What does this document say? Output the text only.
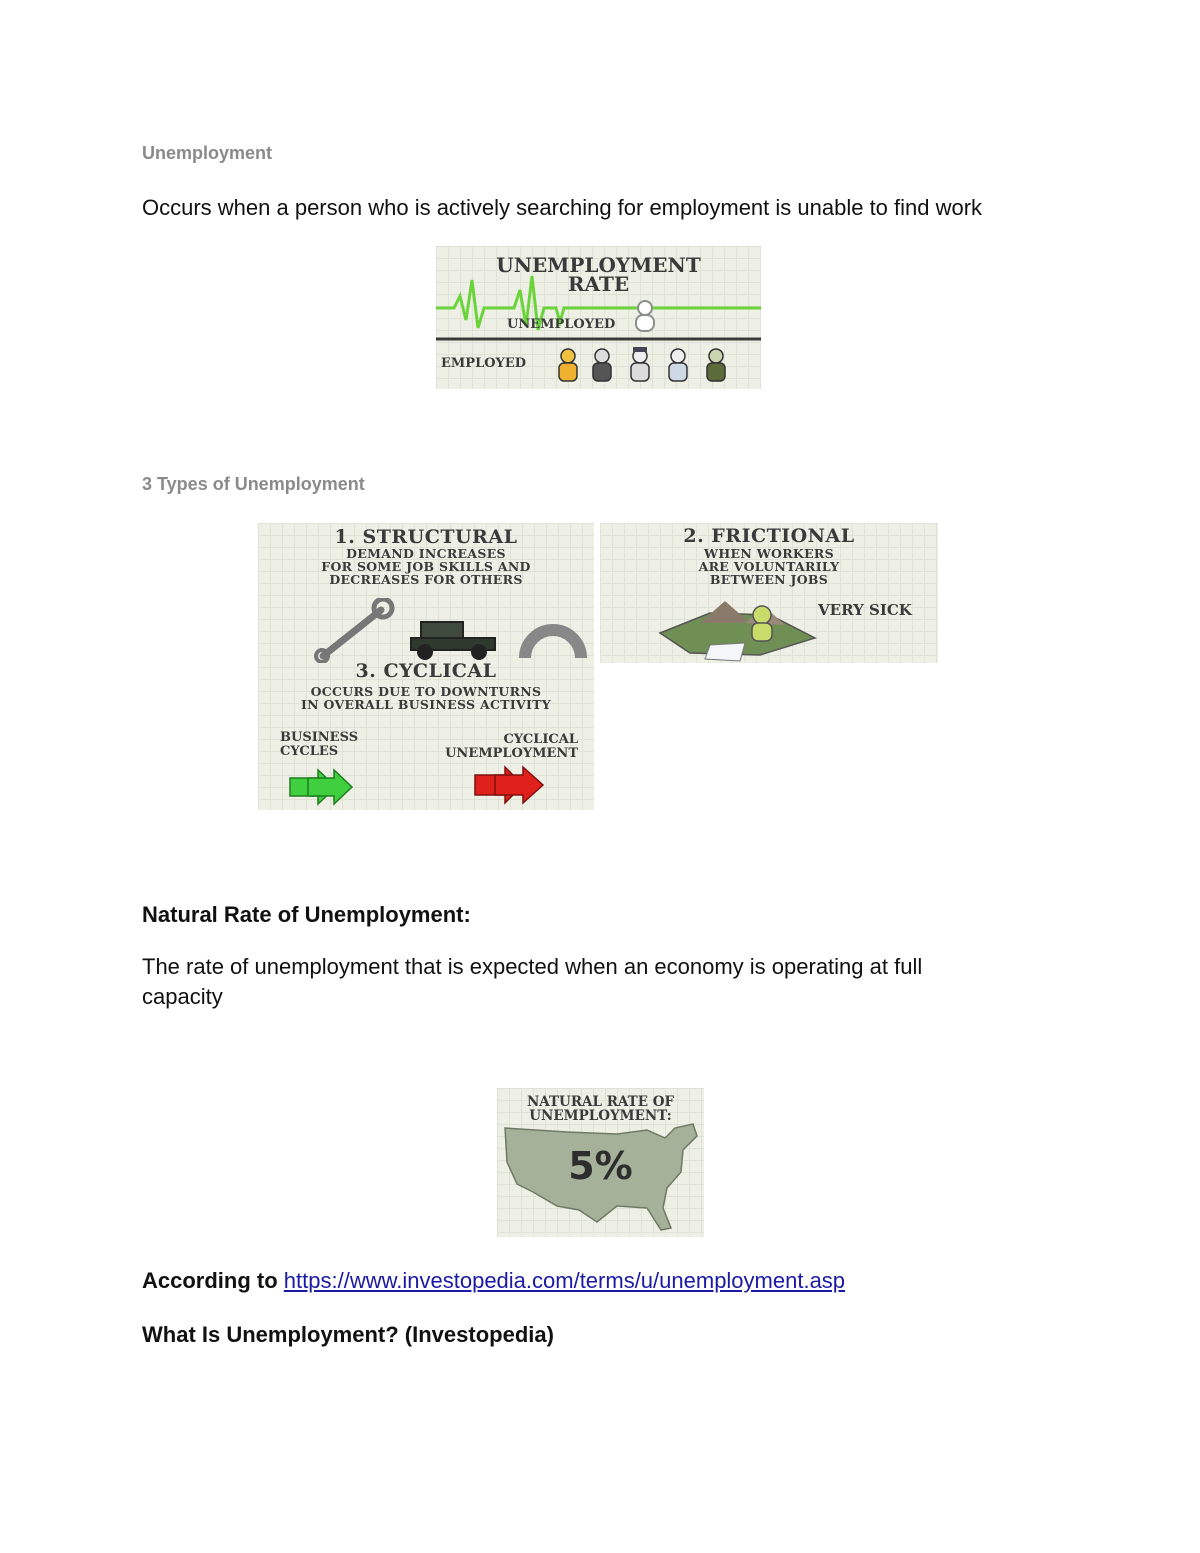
Unemployment
Occurs when a person who is actively searching for employment is unable to find work
UNEMPLOYMENT
RATE
UNEMPLOYED
EMPLOYED
3 Types of Unemployment
1. STRUCTURAL
DEMAND INCREASES
FOR SOME JOB SKILLS AND
DECREASES FOR OTHERS
3. CYCLICAL
OCCURS DUE TO DOWNTURNS
IN OVERALL BUSINESS ACTIVITY
BUSINESS
CYCLES
CYCLICAL
UNEMPLOYMENT
2. FRICTIONAL
WHEN WORKERS
ARE VOLUNTARILY
BETWEEN JOBS
VERY SICK
Natural Rate of Unemployment:
The rate of unemployment that is expected when an economy is operating at full
capacity
NATURAL RATE OF
UNEMPLOYMENT:
5%
According to https://www.investopedia.com/terms/u/unemployment.asp
What Is Unemployment? (Investopedia)
